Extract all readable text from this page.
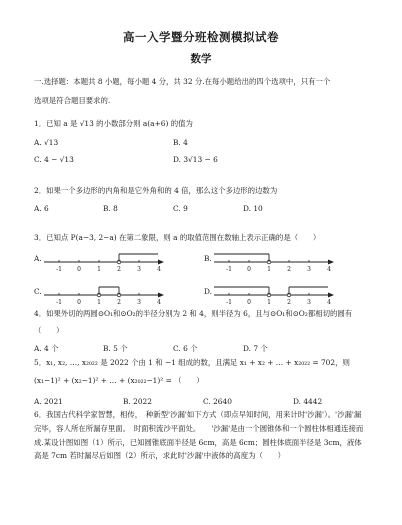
高一入学暨分班检测模拟试卷
数学
一.选择题：本题共 8 小题，每小题 4 分，共 32 分.在每小题给出的四个选项中，只有一个
选项是符合题目要求的.
1．已知 a 是 √13 的小数部分则 a(a+6) 的值为
A. √13	B. 4
C. 4 − √13	D. 3√13 − 6
2．如果一个多边形的内角和是它外角和的 4 倍，那么这个多边形的边数为
A. 6	B. 8	C. 9	D. 10
3．已知点 P(a−3, 2−a) 在第二象限，则 a 的取值范围在数轴上表示正确的是（　　）
A.
-1	0	1	2	3	4
B.
-1	0	1	2	3	4
C.
-1	0	1	2	3	4
D.
-1	0	1	2	3	4
4．如果外切的两圆⊙O₁和⊙O₂的半径分别为 2 和 4，则半径为 6，且与⊙O₁和⊙O₂都相切的圆有
（　　）
A. 4 个	B. 5 个	C. 6 个	D. 7 个
5．x₁, x₂, …, x₂₀₂₂ 是 2022 个由 1 和 −1 组成的数，且满足 x₁ + x₂ + … + x₂₀₂₂ = 702，则
(x₁−1)² + (x₂−1)² + … + (x₂₀₂₂−1)² = （　　）
A. 2021	B. 2022	C. 2640	D. 4442
6．我国古代科学家智慧，相传，　种新型'沙漏'如下方式（即点早知时间，用来计时'沙漏'）。'沙漏'漏
完毕，容人所在所漏存里面。　时面积流沙平面处。　　'沙漏'是由一个圆锥体和一个圆柱体相通连接而
成.某设计图如图（1）所示，已知圆锥底面半径是 6cm，高是 6cm；圆柱体底面半径是 3cm，液体
高是 7cm 若时漏尽后如图（2）所示，求此时'沙漏'中液体的高度为（　　）
